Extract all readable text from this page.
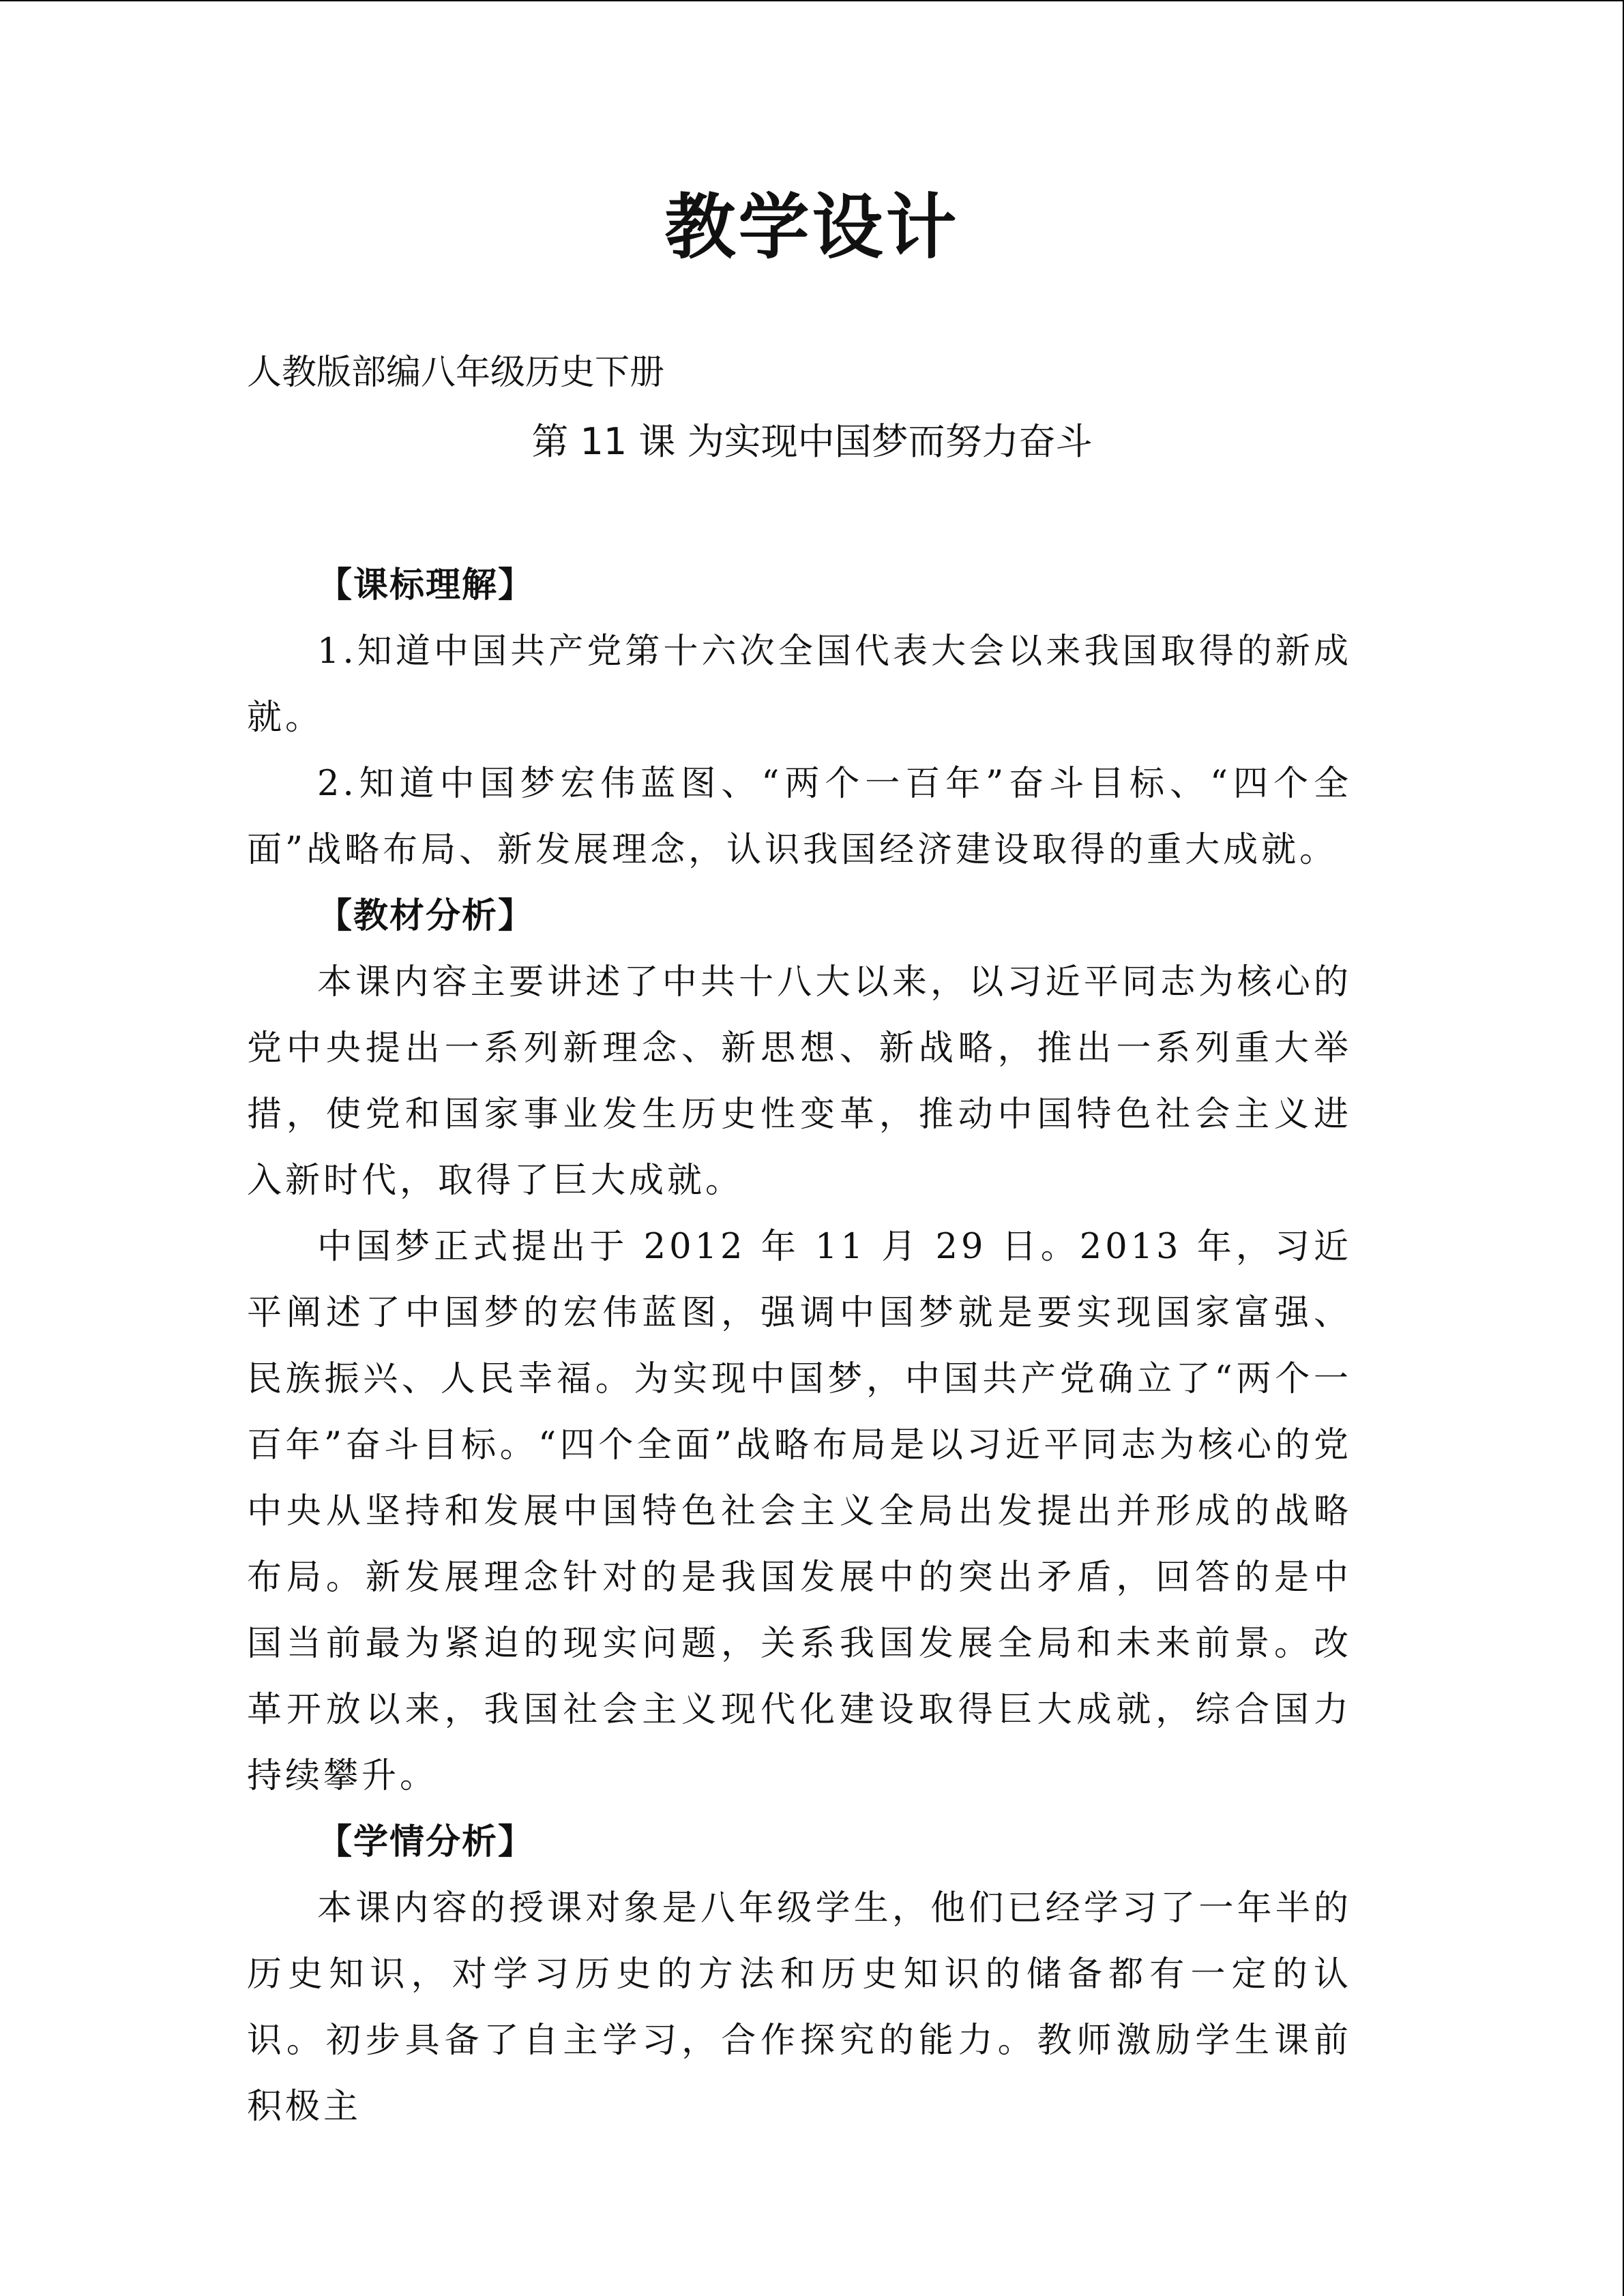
教学设计
人教版部编八年级历史下册
第 11 课 为实现中国梦而努力奋斗

【课标理解】

1.知道中国共产党第十六次全国代表大会以来我国取得的新成就。

2.知道中国梦宏伟蓝图、“两个一百年”奋斗目标、“四个全面”战略布局、新发展理念，认识我国经济建设取得的重大成就。

【教材分析】

本课内容主要讲述了中共十八大以来，以习近平同志为核心的党中央提出一系列新理念、新思想、新战略，推出一系列重大举措，使党和国家事业发生历史性变革，推动中国特色社会主义进入新时代，取得了巨大成就。

中国梦正式提出于 2012 年 11 月 29 日。2013 年，习近平阐述了中国梦的宏伟蓝图，强调中国梦就是要实现国家富强、民族振兴、人民幸福。为实现中国梦，中国共产党确立了“两个一百年”奋斗目标。“四个全面”战略布局是以习近平同志为核心的党中央从坚持和发展中国特色社会主义全局出发提出并形成的战略布局。新发展理念针对的是我国发展中的突出矛盾，回答的是中国当前最为紧迫的现实问题，关系我国发展全局和未来前景。改革开放以来，我国社会主义现代化建设取得巨大成就，综合国力持续攀升。

【学情分析】

本课内容的授课对象是八年级学生，他们已经学习了一年半的历史知识，对学习历史的方法和历史知识的储备都有一定的认识。初步具备了自主学习，合作探究的能力。教师激励学生课前积极主
